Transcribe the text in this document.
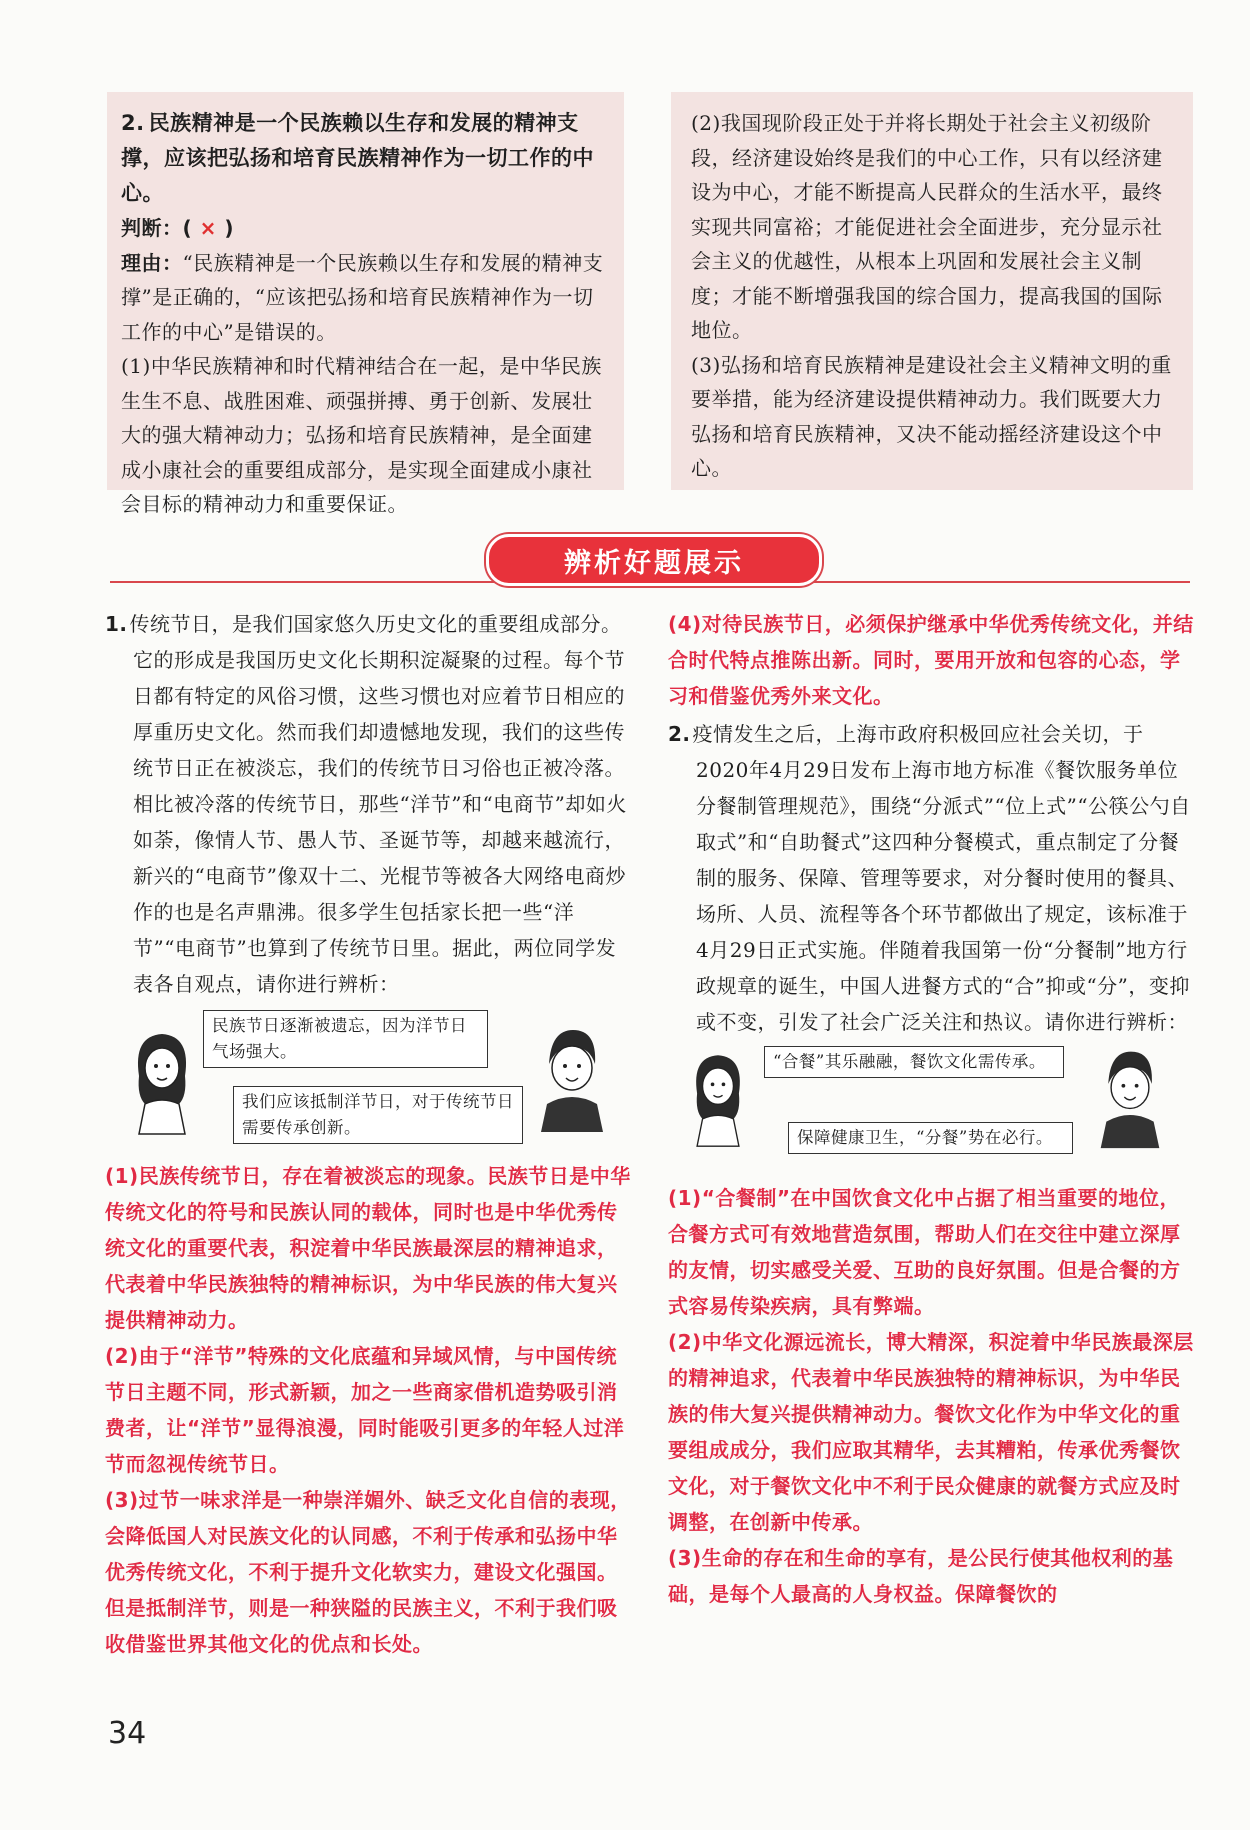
2. 民族精神是一个民族赖以生存和发展的精神支撑，应该把弘扬和培育民族精神作为一切工作的中心。

判断：( × )

理由：“民族精神是一个民族赖以生存和发展的精神支撑”是正确的，“应该把弘扬和培育民族精神作为一切工作的中心”是错误的。

(1)中华民族精神和时代精神结合在一起，是中华民族生生不息、战胜困难、顽强拼搏、勇于创新、发展壮大的强大精神动力；弘扬和培育民族精神，是全面建成小康社会的重要组成部分，是实现全面建成小康社会目标的精神动力和重要保证。

(2)我国现阶段正处于并将长期处于社会主义初级阶段，经济建设始终是我们的中心工作，只有以经济建设为中心，才能不断提高人民群众的生活水平，最终实现共同富裕；才能促进社会全面进步，充分显示社会主义的优越性，从根本上巩固和发展社会主义制度；才能不断增强我国的综合国力，提高我国的国际地位。

(3)弘扬和培育民族精神是建设社会主义精神文明的重要举措，能为经济建设提供精神动力。我们既要大力弘扬和培育民族精神，又决不能动摇经济建设这个中心。

辨析好题展示

1. 传统节日，是我们国家悠久历史文化的重要组成部分。它的形成是我国历史文化长期积淀凝聚的过程。每个节日都有特定的风俗习惯，这些习惯也对应着节日相应的厚重历史文化。然而我们却遗憾地发现，我们的这些传统节日正在被淡忘，我们的传统节日习俗也正被冷落。相比被冷落的传统节日，那些“洋节”和“电商节”却如火如荼，像情人节、愚人节、圣诞节等，却越来越流行，新兴的“电商节”像双十二、光棍节等被各大网络电商炒作的也是名声鼎沸。很多学生包括家长把一些“洋节”“电商节”也算到了传统节日里。据此，两位同学发表各自观点，请你进行辨析：

民族节日逐渐被遗忘，因为洋节日气场强大。
我们应该抵制洋节日，对于传统节日需要传承创新。

(1)民族传统节日，存在着被淡忘的现象。民族节日是中华传统文化的符号和民族认同的载体，同时也是中华优秀传统文化的重要代表，积淀着中华民族最深层的精神追求，代表着中华民族独特的精神标识，为中华民族的伟大复兴提供精神动力。

(2)由于“洋节”特殊的文化底蕴和异域风情，与中国传统节日主题不同，形式新颖，加之一些商家借机造势吸引消费者，让“洋节”显得浪漫，同时能吸引更多的年轻人过洋节而忽视传统节日。

(3)过节一味求洋是一种崇洋媚外、缺乏文化自信的表现，会降低国人对民族文化的认同感，不利于传承和弘扬中华优秀传统文化，不利于提升文化软实力，建设文化强国。但是抵制洋节，则是一种狭隘的民族主义，不利于我们吸收借鉴世界其他文化的优点和长处。

(4)对待民族节日，必须保护继承中华优秀传统文化，并结合时代特点推陈出新。同时，要用开放和包容的心态，学习和借鉴优秀外来文化。

2. 疫情发生之后，上海市政府积极回应社会关切，于2020年4月29日发布上海市地方标准《餐饮服务单位分餐制管理规范》，围绕“分派式”“位上式”“公筷公勺自取式”和“自助餐式”这四种分餐模式，重点制定了分餐制的服务、保障、管理等要求，对分餐时使用的餐具、场所、人员、流程等各个环节都做出了规定，该标准于4月29日正式实施。伴随着我国第一份“分餐制”地方行政规章的诞生，中国人进餐方式的“合”抑或“分”，变抑或不变，引发了社会广泛关注和热议。请你进行辨析：

“合餐”其乐融融，餐饮文化需传承。
保障健康卫生，“分餐”势在必行。

(1)“合餐制”在中国饮食文化中占据了相当重要的地位，合餐方式可有效地营造氛围，帮助人们在交往中建立深厚的友情，切实感受关爱、互助的良好氛围。但是合餐的方式容易传染疾病，具有弊端。

(2)中华文化源远流长，博大精深，积淀着中华民族最深层的精神追求，代表着中华民族独特的精神标识，为中华民族的伟大复兴提供精神动力。餐饮文化作为中华文化的重要组成成分，我们应取其精华，去其糟粕，传承优秀餐饮文化，对于餐饮文化中不利于民众健康的就餐方式应及时调整，在创新中传承。

(3)生命的存在和生命的享有，是公民行使其他权利的基础，是每个人最高的人身权益。保障餐饮的

34
